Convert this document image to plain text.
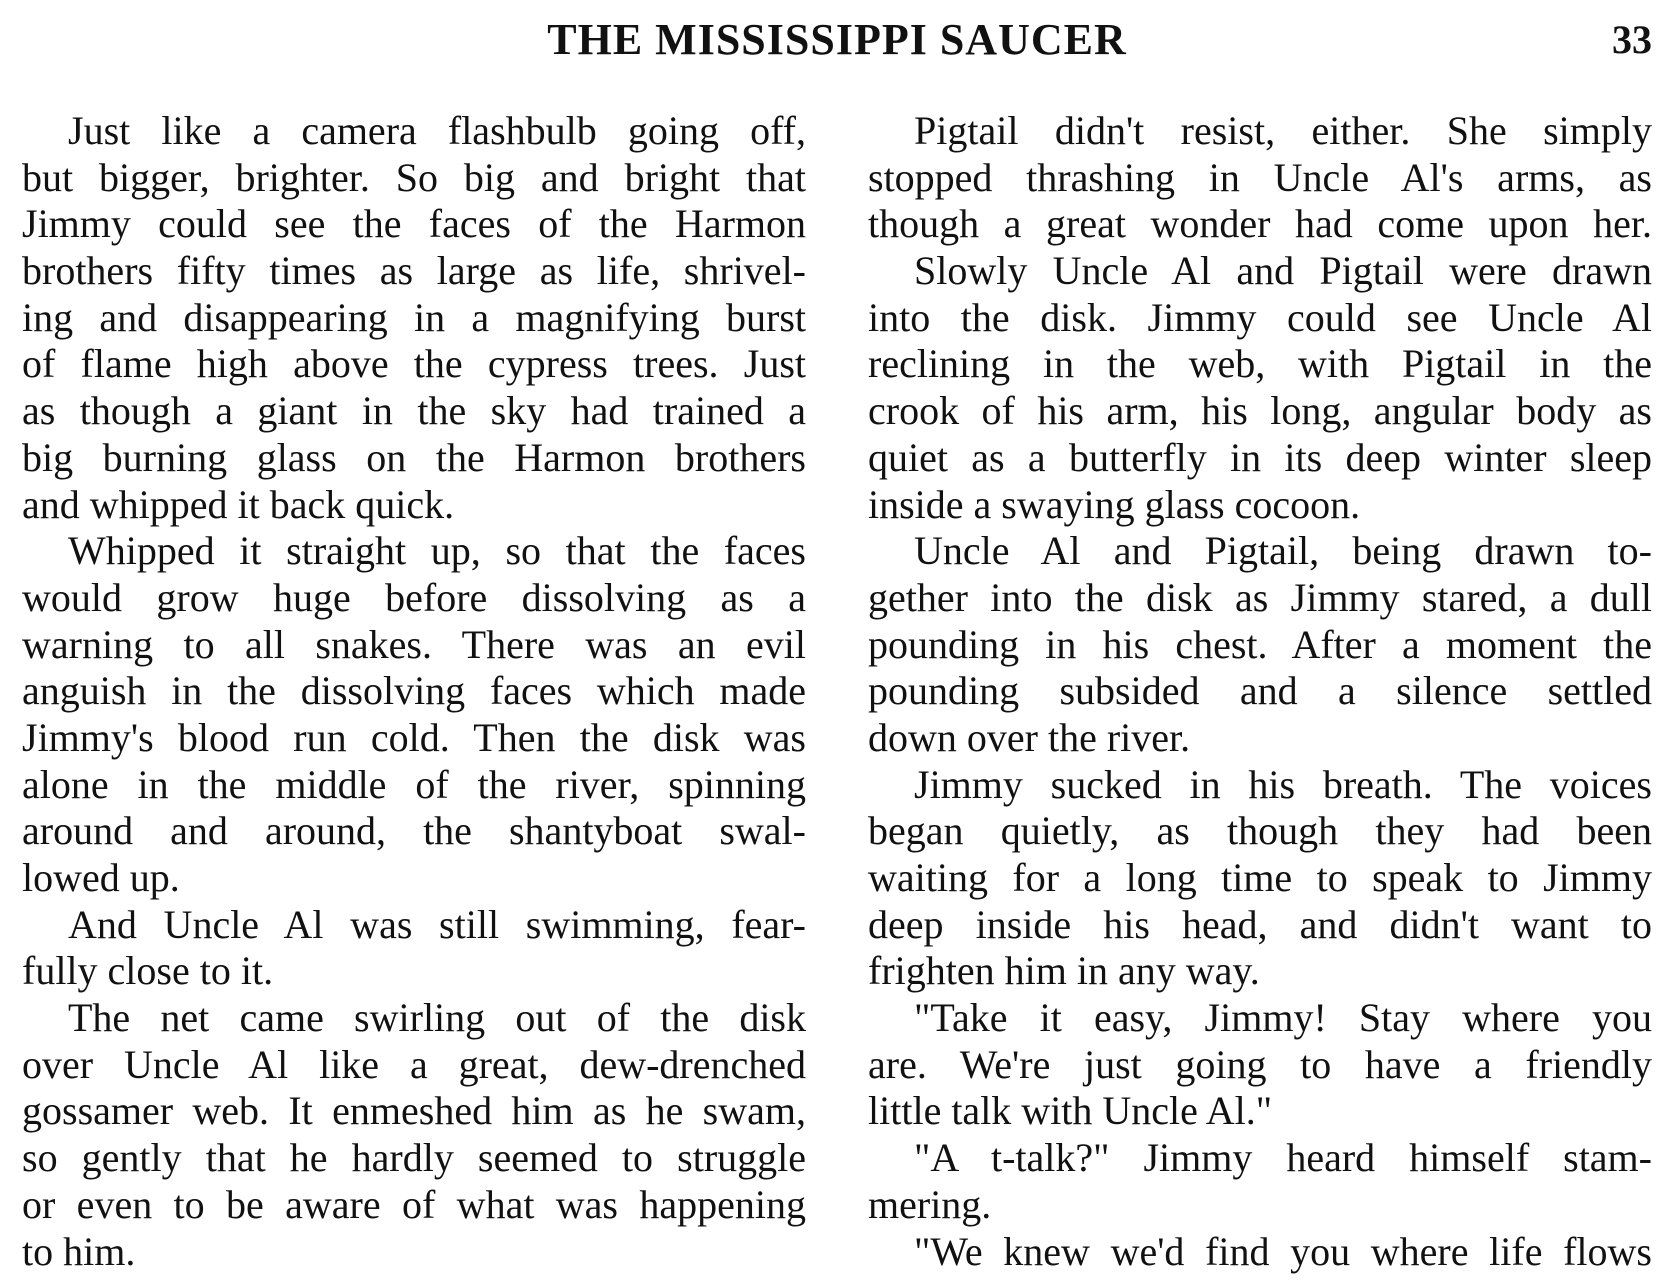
THE MISSISSIPPI SAUCER	33
Just like a camera flashbulb going off,
but bigger, brighter. So big and bright that
Jimmy could see the faces of the Harmon
brothers fifty times as large as life, shrivel-
ing and disappearing in a magnifying burst
of flame high above the cypress trees. Just
as though a giant in the sky had trained a
big burning glass on the Harmon brothers
and whipped it back quick.
Whipped it straight up, so that the faces
would grow huge before dissolving as a
warning to all snakes. There was an evil
anguish in the dissolving faces which made
Jimmy's blood run cold. Then the disk was
alone in the middle of the river, spinning
around and around, the shantyboat swal-
lowed up.
And Uncle Al was still swimming, fear-
fully close to it.
The net came swirling out of the disk
over Uncle Al like a great, dew-drenched
gossamer web. It enmeshed him as he swam,
so gently that he hardly seemed to struggle
or even to be aware of what was happening
to him.
Pigtail didn't resist, either. She simply
stopped thrashing in Uncle Al's arms, as
though a great wonder had come upon her.
Slowly Uncle Al and Pigtail were drawn
into the disk. Jimmy could see Uncle Al
reclining in the web, with Pigtail in the
crook of his arm, his long, angular body as
quiet as a butterfly in its deep winter sleep
inside a swaying glass cocoon.
Uncle Al and Pigtail, being drawn to-
gether into the disk as Jimmy stared, a dull
pounding in his chest. After a moment the
pounding subsided and a silence settled
down over the river.
Jimmy sucked in his breath. The voices
began quietly, as though they had been
waiting for a long time to speak to Jimmy
deep inside his head, and didn't want to
frighten him in any way.
"Take it easy, Jimmy! Stay where you
are. We're just going to have a friendly
little talk with Uncle Al."
"A t-talk?" Jimmy heard himself stam-
mering.
"We knew we'd find you where life flows
